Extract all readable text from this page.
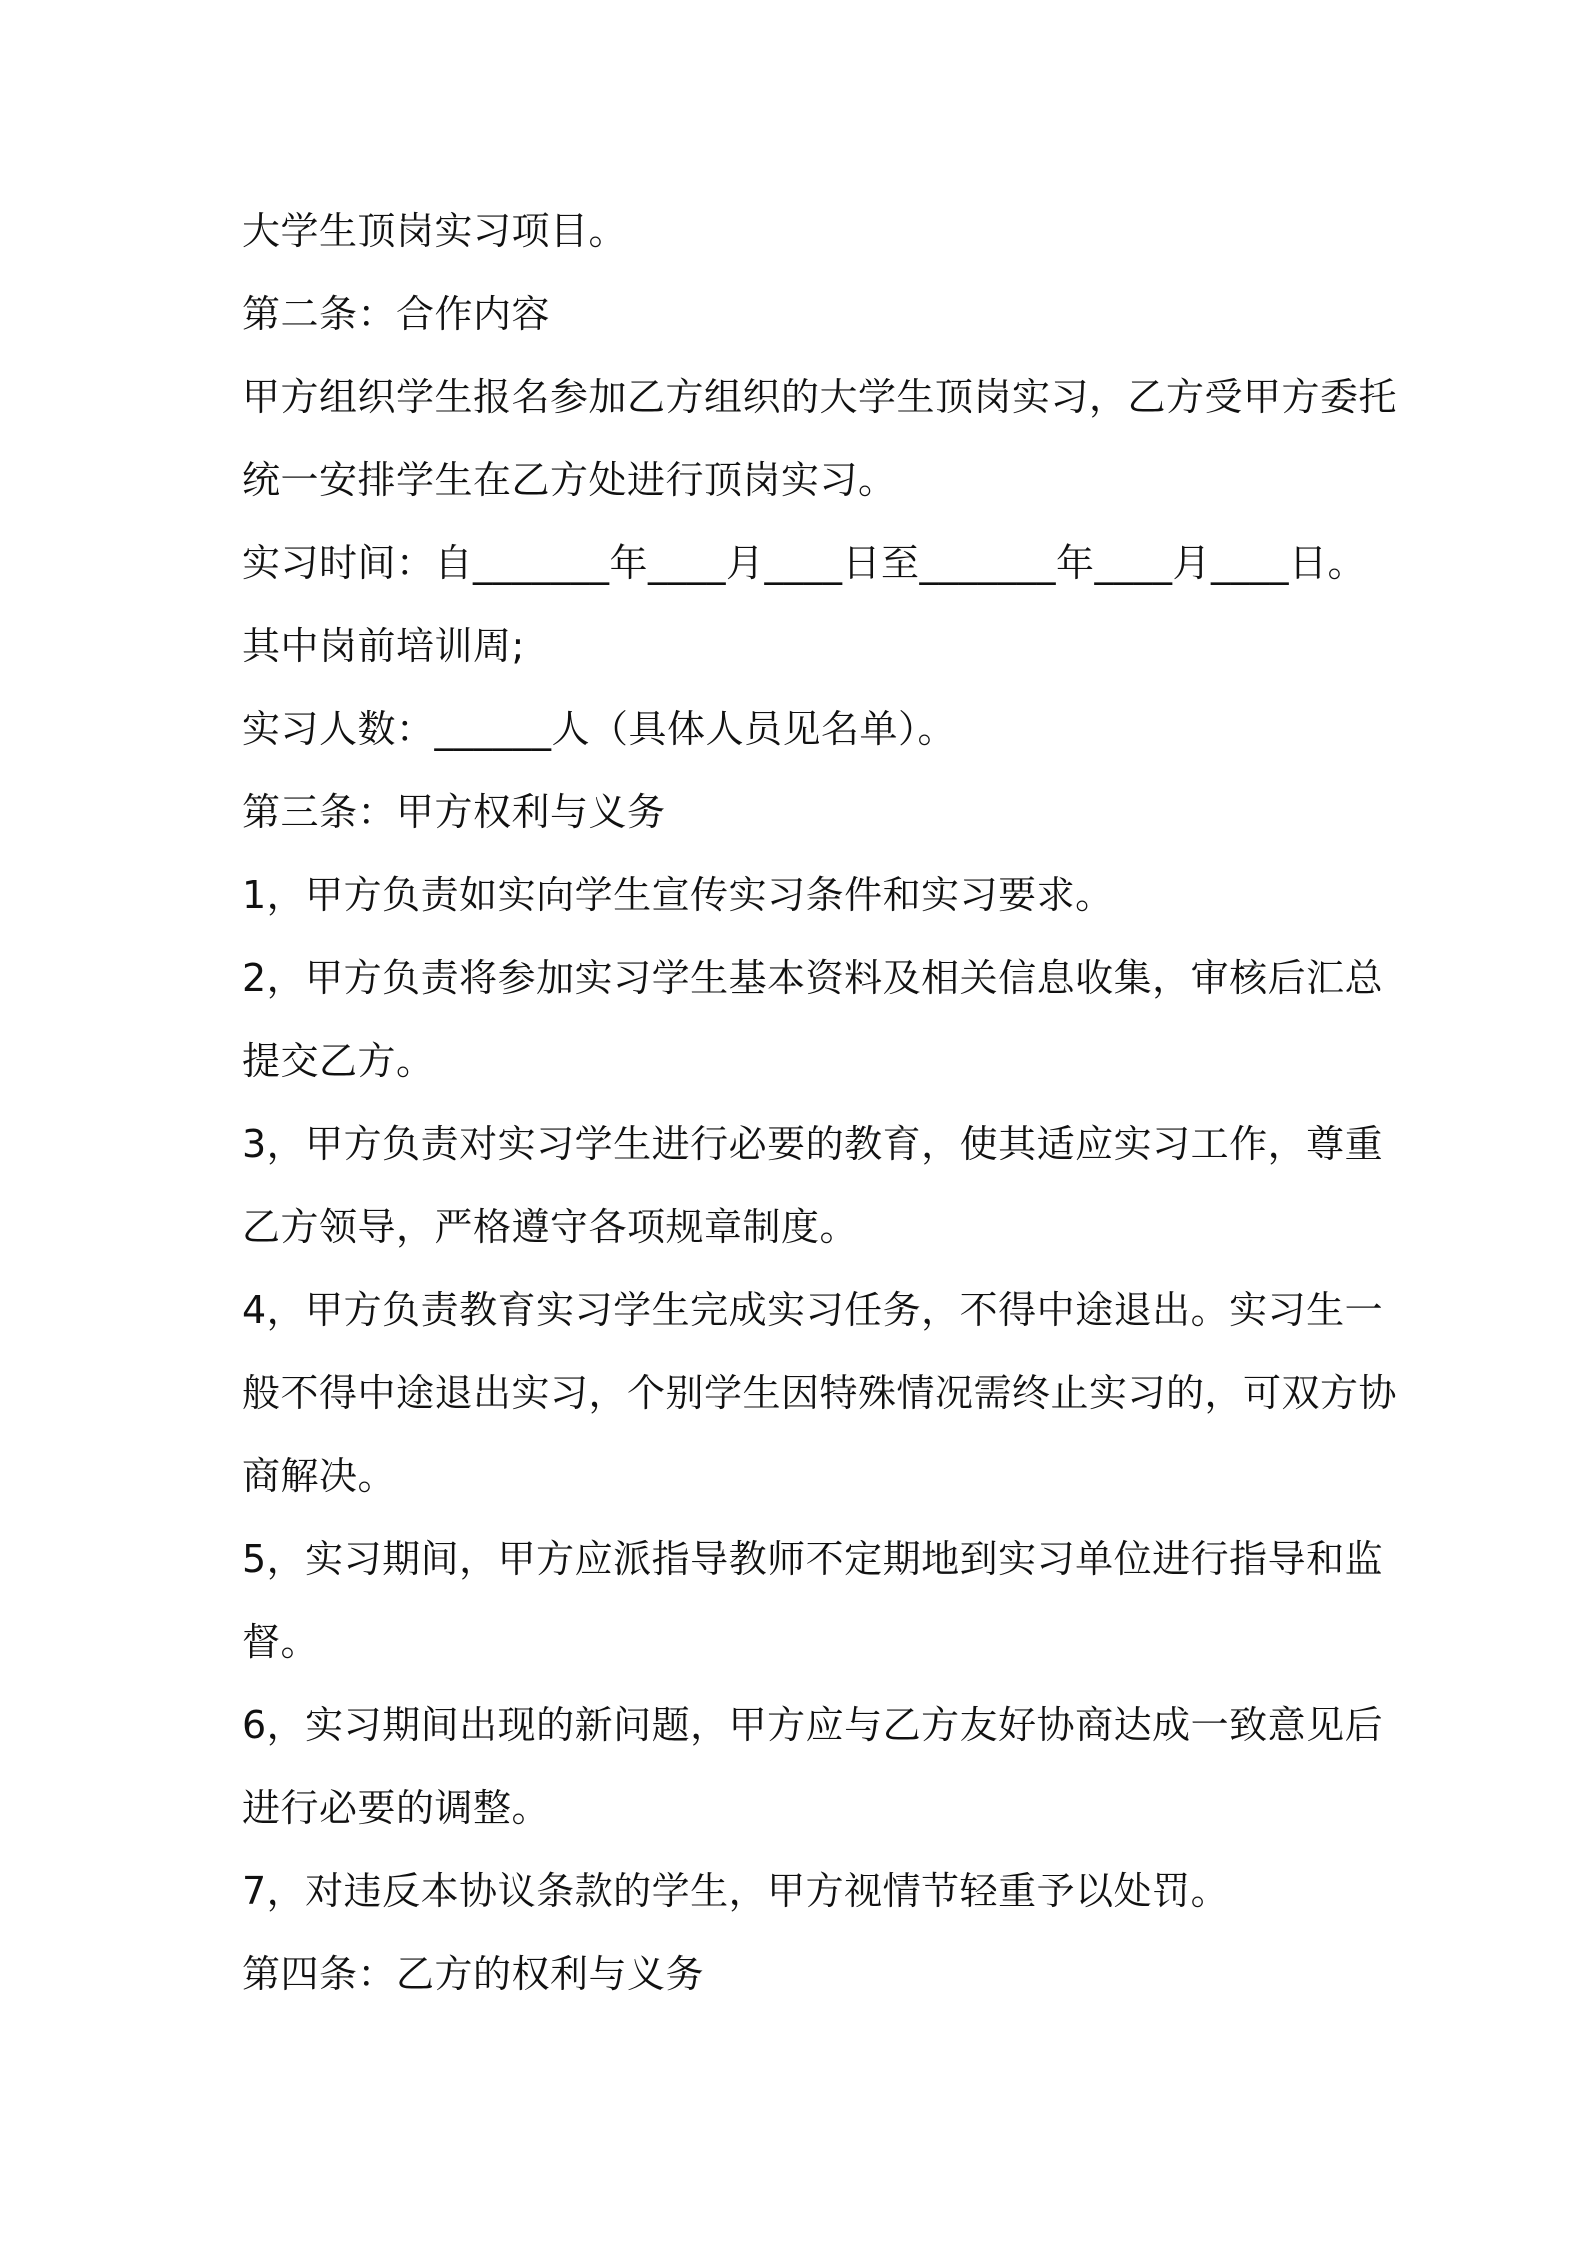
大学生顶岗实习项目。
第二条：合作内容
甲方组织学生报名参加乙方组织的大学生顶岗实习，乙方受甲方委托
统一安排学生在乙方处进行顶岗实习。
实习时间：自_______年____月____日至_______年____月____日。
其中岗前培训周;
实习人数：______人（具体人员见名单）。
第三条：甲方权利与义务
1，甲方负责如实向学生宣传实习条件和实习要求。
2，甲方负责将参加实习学生基本资料及相关信息收集，审核后汇总
提交乙方。
3，甲方负责对实习学生进行必要的教育，使其适应实习工作，尊重
乙方领导，严格遵守各项规章制度。
4，甲方负责教育实习学生完成实习任务，不得中途退出。实习生一
般不得中途退出实习，个别学生因特殊情况需终止实习的，可双方协
商解决。
5，实习期间，甲方应派指导教师不定期地到实习单位进行指导和监
督。
6，实习期间出现的新问题，甲方应与乙方友好协商达成一致意见后
进行必要的调整。
7，对违反本协议条款的学生，甲方视情节轻重予以处罚。
第四条：乙方的权利与义务
